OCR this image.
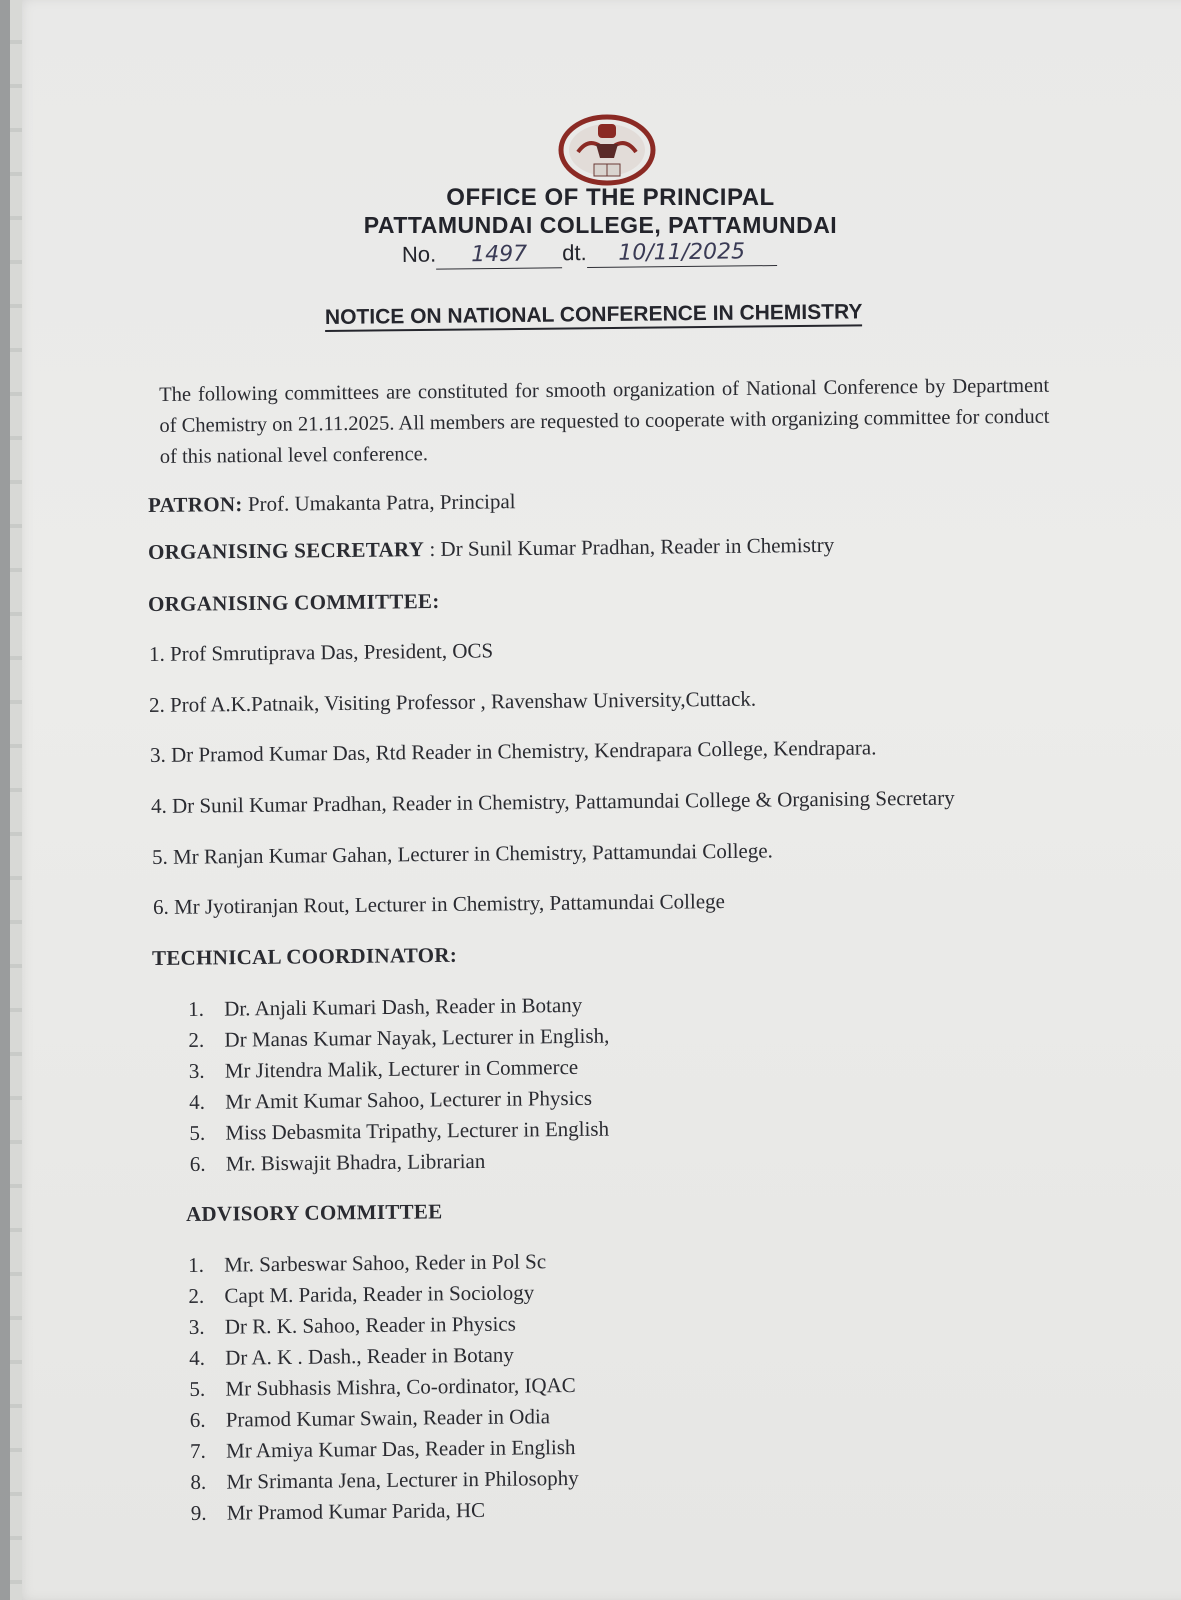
OFFICE OF THE PRINCIPAL
PATTAMUNDAI COLLEGE, PATTAMUNDAI
No. 1497 dt. 10/11/2025
NOTICE ON NATIONAL CONFERENCE IN CHEMISTRY
The following committees are constituted for smooth organization of National Conference by Department of Chemistry on 21.11.2025. All members are requested to cooperate with organizing committee for conduct of this national level conference.
PATRON: Prof. Umakanta Patra, Principal
ORGANISING SECRETARY : Dr Sunil Kumar Pradhan, Reader in Chemistry
ORGANISING COMMITTEE:
1. Prof Smrutiprava Das, President, OCS
2. Prof A.K.Patnaik, Visiting Professor , Ravenshaw University,Cuttack.
3. Dr Pramod Kumar Das, Rtd Reader in Chemistry, Kendrapara College, Kendrapara.
4. Dr Sunil Kumar Pradhan, Reader in Chemistry, Pattamundai College & Organising Secretary
5. Mr Ranjan Kumar Gahan, Lecturer in Chemistry, Pattamundai College.
6. Mr Jyotiranjan Rout, Lecturer in Chemistry, Pattamundai College
TECHNICAL COORDINATOR:
1. Dr. Anjali Kumari Dash, Reader in Botany
2. Dr Manas Kumar Nayak, Lecturer in English,
3. Mr Jitendra Malik, Lecturer in Commerce
4. Mr Amit Kumar Sahoo, Lecturer in Physics
5. Miss Debasmita Tripathy, Lecturer in English
6. Mr. Biswajit Bhadra, Librarian
ADVISORY COMMITTEE
1. Mr. Sarbeswar Sahoo, Reder in Pol Sc
2. Capt M. Parida, Reader in Sociology
3. Dr R. K. Sahoo, Reader in Physics
4. Dr A. K . Dash., Reader in Botany
5. Mr Subhasis Mishra, Co-ordinator, IQAC
6. Pramod Kumar Swain, Reader in Odia
7. Mr Amiya Kumar Das, Reader in English
8. Mr Srimanta Jena, Lecturer in Philosophy
9. Mr Pramod Kumar Parida, HC
